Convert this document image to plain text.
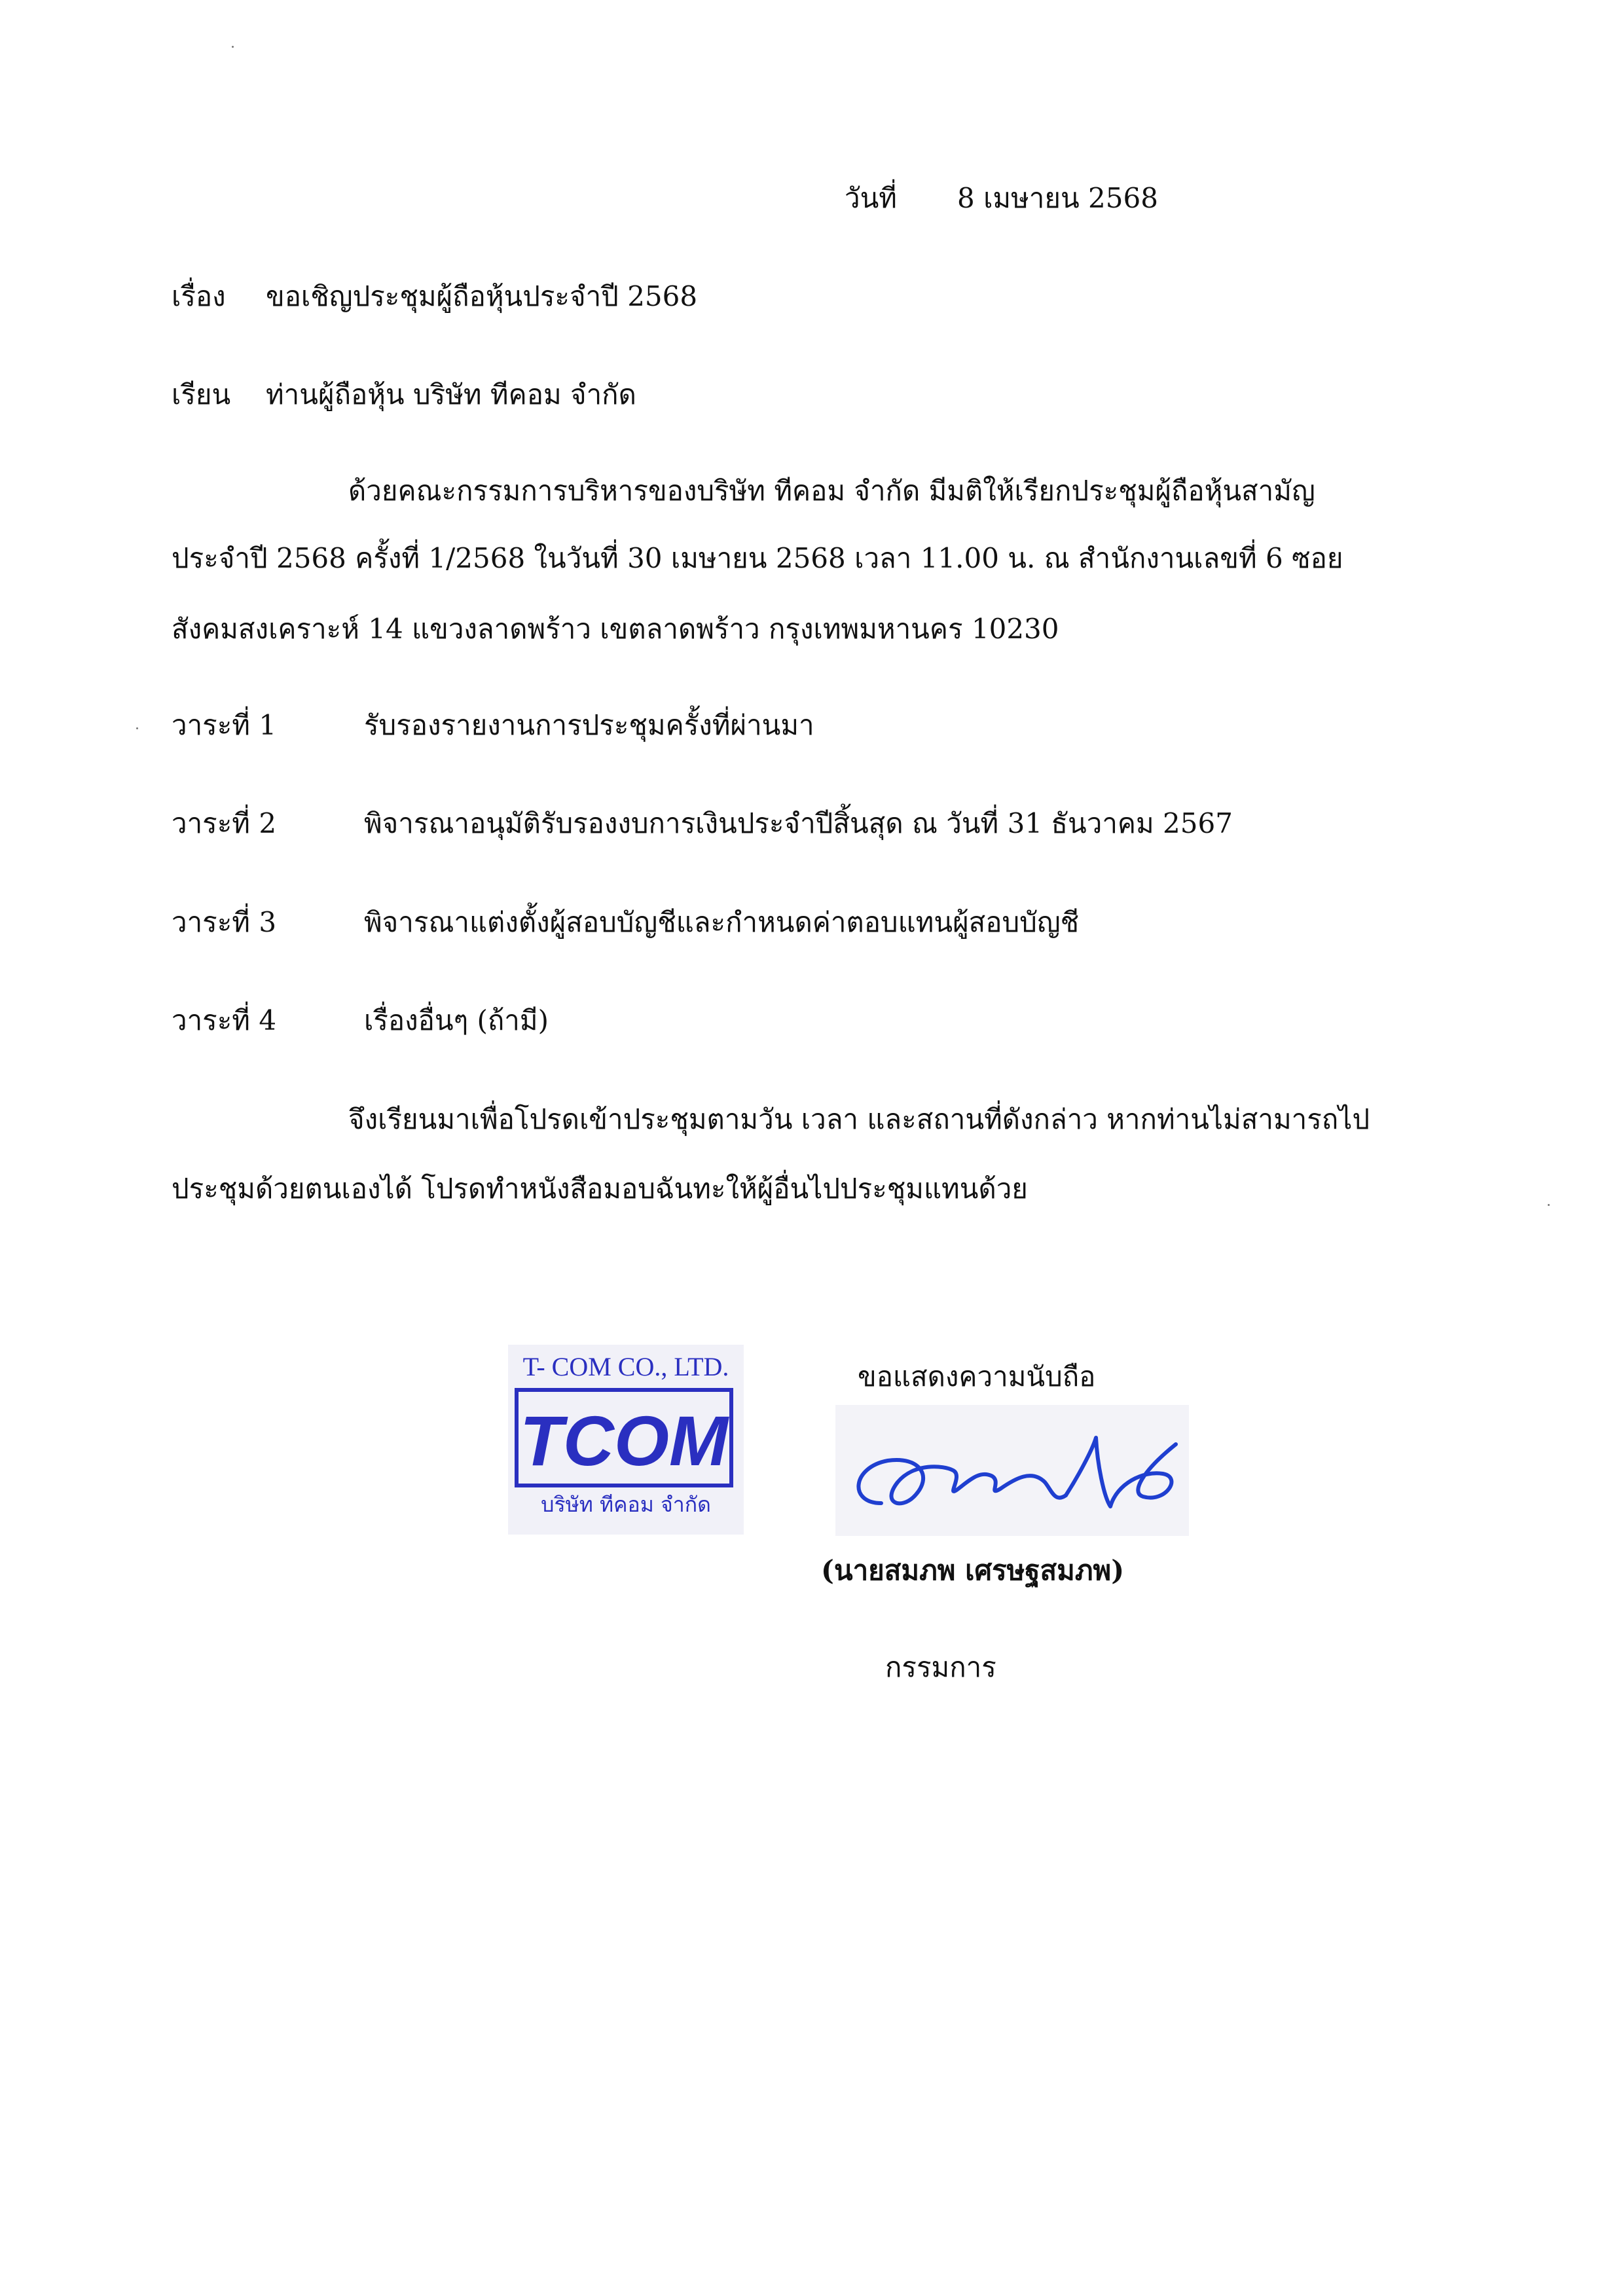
วันที่ 8 เมษายน 2568
เรื่อง ขอเชิญประชุมผู้ถือหุ้นประจำปี 2568
เรียน ท่านผู้ถือหุ้น บริษัท ทีคอม จำกัด
ด้วยคณะกรรมการบริหารของบริษัท ทีคอม จำกัด มีมติให้เรียกประชุมผู้ถือหุ้นสามัญ
ประจำปี 2568 ครั้งที่ 1/2568 ในวันที่ 30 เมษายน 2568 เวลา 11.00 น. ณ สำนักงานเลขที่ 6 ซอย
สังคมสงเคราะห์ 14 แขวงลาดพร้าว เขตลาดพร้าว กรุงเทพมหานคร 10230
วาระที่ 1	รับรองรายงานการประชุมครั้งที่ผ่านมา
วาระที่ 2	พิจารณาอนุมัติรับรองงบการเงินประจำปีสิ้นสุด ณ วันที่ 31 ธันวาคม 2567
วาระที่ 3	พิจารณาแต่งตั้งผู้สอบบัญชีและกำหนดค่าตอบแทนผู้สอบบัญชี
วาระที่ 4	เรื่องอื่นๆ (ถ้ามี)
จึงเรียนมาเพื่อโปรดเข้าประชุมตามวัน เวลา และสถานที่ดังกล่าว หากท่านไม่สามารถไป
ประชุมด้วยตนเองได้ โปรดทำหนังสือมอบฉันทะให้ผู้อื่นไปประชุมแทนด้วย
T- COM CO., LTD.
TCOM
บริษัท ทีคอม จำกัด
ขอแสดงความนับถือ
(นายสมภพ เศรษฐสมภพ)
กรรมการ
